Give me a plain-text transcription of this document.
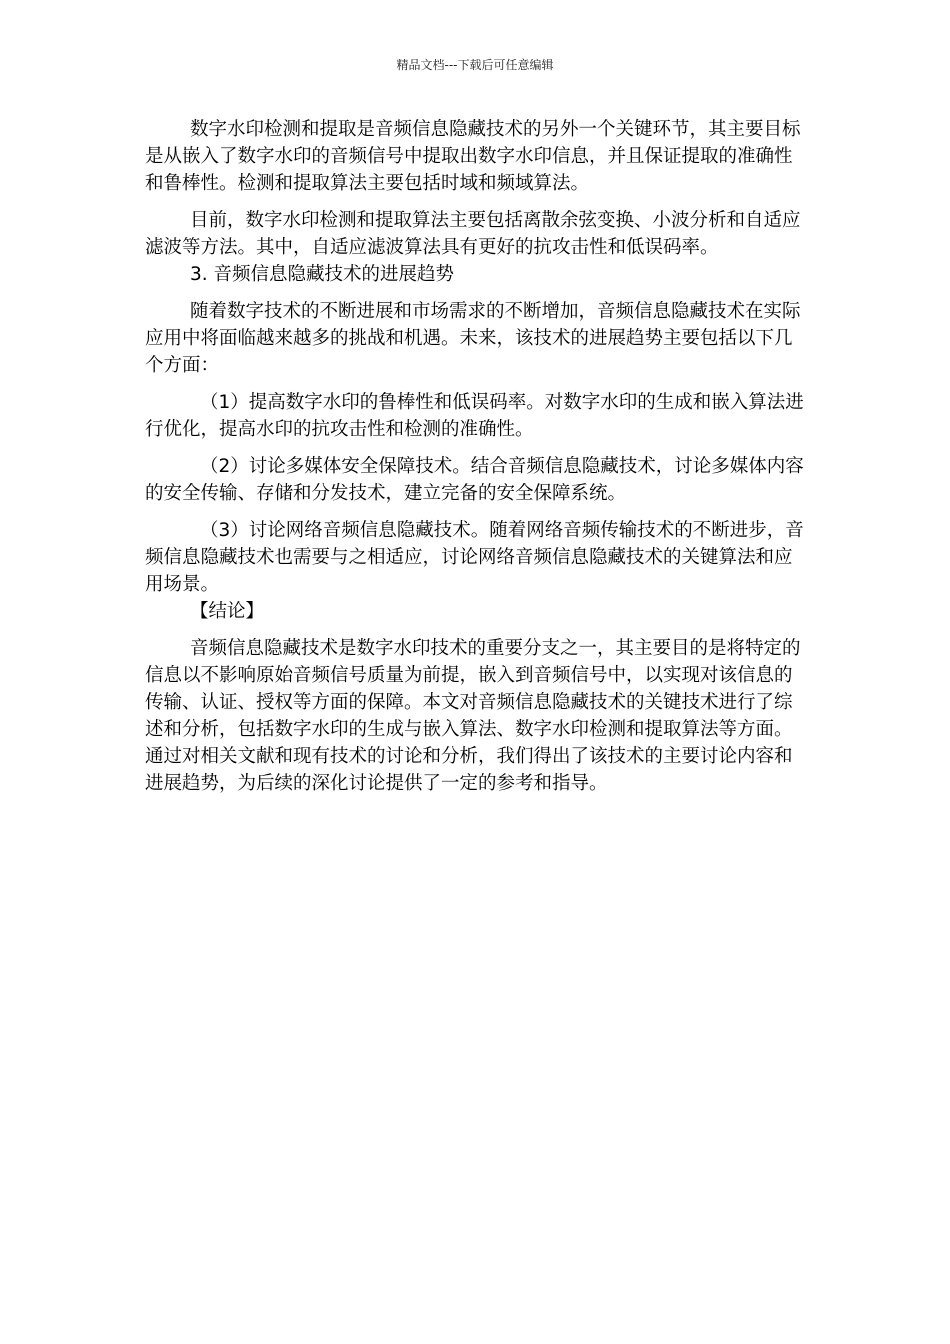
精品文档---下载后可任意编辑

数字水印检测和提取是音频信息隐藏技术的另外一个关键环节，其主要目标是从嵌入了数字水印的音频信号中提取出数字水印信息，并且保证提取的准确性和鲁棒性。检测和提取算法主要包括时域和频域算法。

目前，数字水印检测和提取算法主要包括离散余弦变换、小波分析和自适应滤波等方法。其中，自适应滤波算法具有更好的抗攻击性和低误码率。

3. 音频信息隐藏技术的进展趋势

随着数字技术的不断进展和市场需求的不断增加，音频信息隐藏技术在实际应用中将面临越来越多的挑战和机遇。未来，该技术的进展趋势主要包括以下几个方面：

（1）提高数字水印的鲁棒性和低误码率。对数字水印的生成和嵌入算法进行优化，提高水印的抗攻击性和检测的准确性。

（2）讨论多媒体安全保障技术。结合音频信息隐藏技术，讨论多媒体内容的安全传输、存储和分发技术，建立完备的安全保障系统。

（3）讨论网络音频信息隐藏技术。随着网络音频传输技术的不断进步，音频信息隐藏技术也需要与之相适应，讨论网络音频信息隐藏技术的关键算法和应用场景。

【结论】

音频信息隐藏技术是数字水印技术的重要分支之一，其主要目的是将特定的信息以不影响原始音频信号质量为前提，嵌入到音频信号中，以实现对该信息的传输、认证、授权等方面的保障。本文对音频信息隐藏技术的关键技术进行了综述和分析，包括数字水印的生成与嵌入算法、数字水印检测和提取算法等方面。通过对相关文献和现有技术的讨论和分析，我们得出了该技术的主要讨论内容和进展趋势，为后续的深化讨论提供了一定的参考和指导。
